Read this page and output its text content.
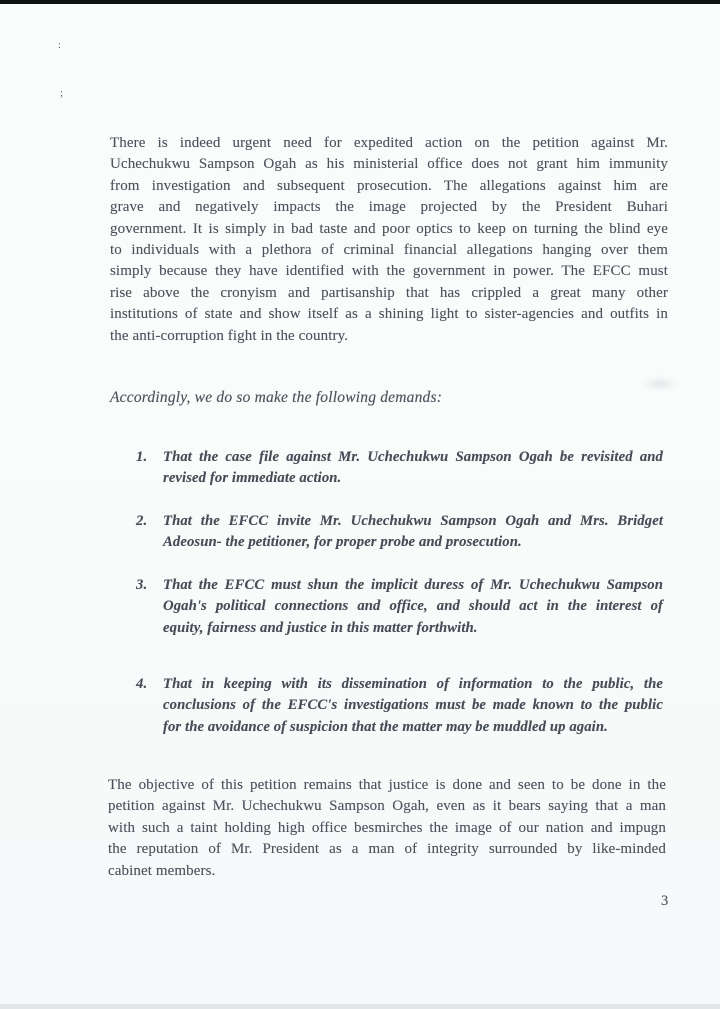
:
;
There is indeed urgent need for expedited action on the petition against Mr.
Uchechukwu Sampson Ogah as his ministerial office does not grant him immunity
from investigation and subsequent prosecution. The allegations against him are
grave and negatively impacts the image projected by the President Buhari
government. It is simply in bad taste and poor optics to keep on turning the blind eye
to individuals with a plethora of criminal financial allegations hanging over them
simply because they have identified with the government in power. The EFCC must
rise above the cronyism and partisanship that has crippled a great many other
institutions of state and show itself as a shining light to sister-agencies and outfits in
the anti-corruption fight in the country.
Accordingly, we do so make the following demands:
1. That the case file against Mr. Uchechukwu Sampson Ogah be revisited and
revised for immediate action.
2. That the EFCC invite Mr. Uchechukwu Sampson Ogah and Mrs. Bridget
Adeosun- the petitioner, for proper probe and prosecution.
3. That the EFCC must shun the implicit duress of Mr. Uchechukwu Sampson
Ogah's political connections and office, and should act in the interest of
equity, fairness and justice in this matter forthwith.
4. That in keeping with its dissemination of information to the public, the
conclusions of the EFCC's investigations must be made known to the public
for the avoidance of suspicion that the matter may be muddled up again.
The objective of this petition remains that justice is done and seen to be done in the
petition against Mr. Uchechukwu Sampson Ogah, even as it bears saying that a man
with such a taint holding high office besmirches the image of our nation and impugn
the reputation of Mr. President as a man of integrity surrounded by like-minded
cabinet members.
3
